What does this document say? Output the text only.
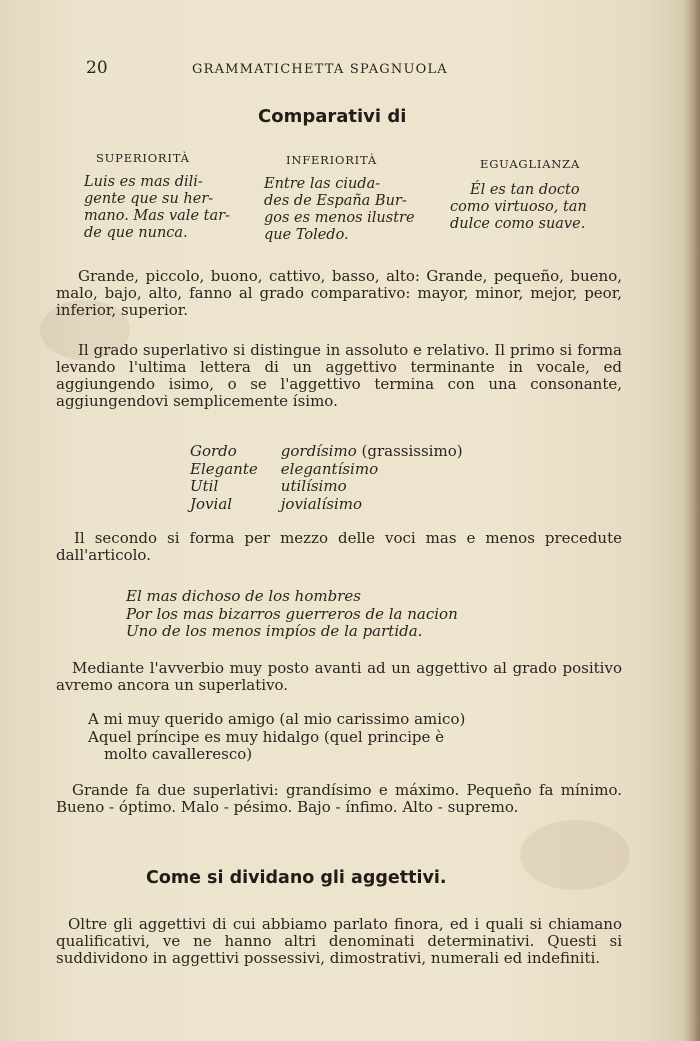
20	GRAMMATICHETTA SPAGNUOLA
Comparativi di
SUPERIORITÀ
Luis es mas dili-
gente que su her-
mano. Mas vale tar-
de que nunca.
INFERIORITÀ
Entre las ciuda-
des de España Bur-
gos es menos ilustre
que Toledo.
EGUAGLIANZA
Él es tan docto
como virtuoso, tan
dulce como suave.
Grande, piccolo, buono, cattivo, basso, alto: Grande, pequeño, bueno, malo, bajo, alto, fanno al grado comparativo: mayor, minor, mejor, peor, inferior, superior.
Il grado superlativo si distingue in assoluto e relativo. Il primo si forma levando l'ultima lettera di un aggettivo terminante in vocale, ed aggiungendo isimo, o se l'aggettivo termina con una consonante, aggiungendovi semplicemente ísimo.
Gordo	gordísimo (grassissimo)
Elegante elegantísimo
Util	utilísimo
Jovial	jovialísimo
Il secondo si forma per mezzo delle voci mas e menos precedute dall'articolo.
El mas dichoso de los hombres
Por los mas bizarros guerreros de la nacion
Uno de los menos impíos de la partida.
Mediante l'avverbio muy posto avanti ad un aggettivo al grado positivo avremo ancora un superlativo.
A mi muy querido amigo (al mio carissimo amico)
Aquel príncipe es muy hidalgo (quel principe è
molto cavalleresco)
Grande fa due superlativi: grandísimo e máximo. Pequeño fa mínimo. Bueno - óptimo. Malo - pésimo. Bajo - ínfimo. Alto - supremo.
Come si dividano gli aggettivi.
Oltre gli aggettivi di cui abbiamo parlato finora, ed i quali si chiamano qualificativi, ve ne hanno altri denominati determinativi. Questi si suddividono in aggettivi possessivi, dimostrativi, numerali ed indefiniti.
